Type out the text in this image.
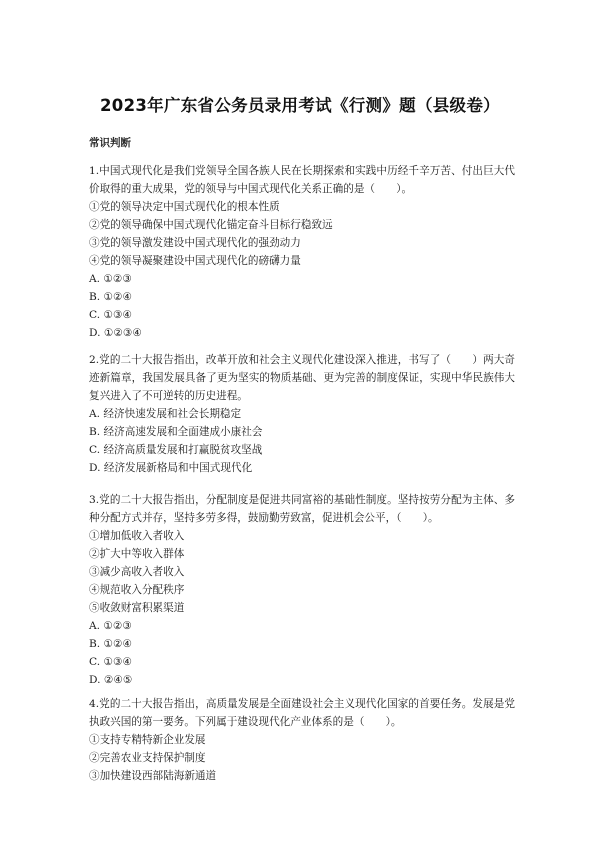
2023年广东省公务员录用考试《行测》题（县级卷）
常识判断

1.中国式现代化是我们党领导全国各族人民在长期探索和实践中历经千辛万苦、付出巨大代价取得的重大成果，党的领导与中国式现代化关系正确的是（　　）。

①党的领导决定中国式现代化的根本性质
②党的领导确保中国式现代化锚定奋斗目标行稳致远
③党的领导激发建设中国式现代化的强劲动力
④党的领导凝聚建设中国式现代化的磅礴力量
A. ①②③
B. ①②④
C. ①③④
D. ①②③④

2.党的二十大报告指出，改革开放和社会主义现代化建设深入推进，书写了（　　）两大奇迹新篇章，我国发展具备了更为坚实的物质基础、更为完善的制度保证，实现中华民族伟大复兴进入了不可逆转的历史进程。

A. 经济快速发展和社会长期稳定
B. 经济高速发展和全面建成小康社会
C. 经济高质量发展和打赢脱贫攻坚战
D. 经济发展新格局和中国式现代化

3.党的二十大报告指出，分配制度是促进共同富裕的基础性制度。坚持按劳分配为主体、多种分配方式并存，坚持多劳多得，鼓励勤劳致富，促进机会公平，（　　）。

①增加低收入者收入
②扩大中等收入群体
③减少高收入者收入
④规范收入分配秩序
⑤收敛财富积累渠道
A. ①②③
B. ①②④
C. ①③④
D. ②④⑤

4.党的二十大报告指出，高质量发展是全面建设社会主义现代化国家的首要任务。发展是党执政兴国的第一要务。下列属于建设现代化产业体系的是（　　）。

①支持专精特新企业发展
②完善农业支持保护制度
③加快建设西部陆海新通道
